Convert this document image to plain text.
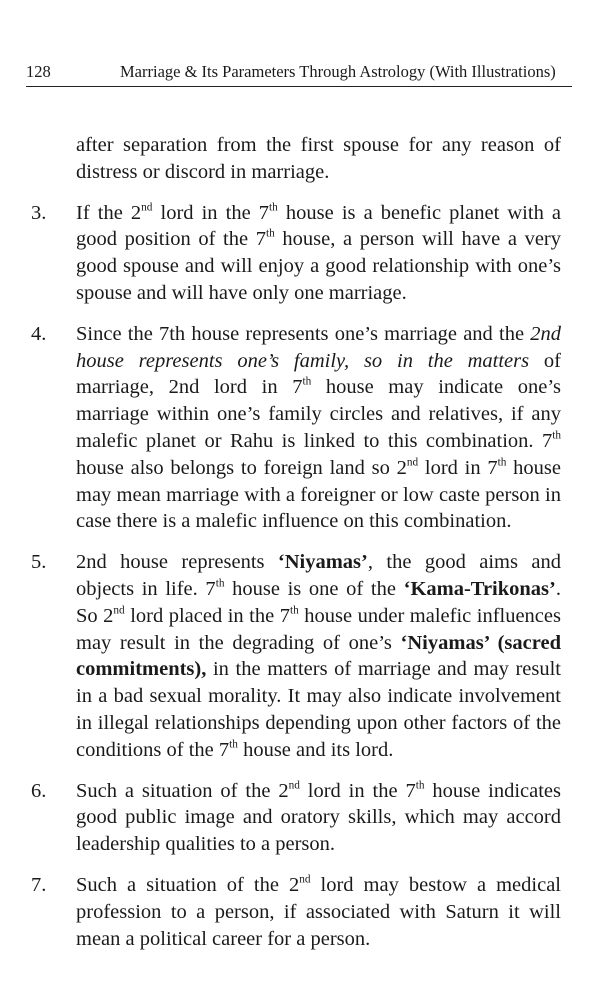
128	Marriage & Its Parameters Through Astrology (With Illustrations)

after separation from the first spouse for any reason of distress or discord in marriage.

3. If the 2nd lord in the 7th house is a benefic planet with a good position of the 7th house, a person will have a very good spouse and will enjoy a good relationship with one’s spouse and will have only one marriage.

4. Since the 7th house represents one’s marriage and the 2nd house represents one’s family, so in the matters of marriage, 2nd lord in 7th house may indicate one’s marriage within one’s family circles and relatives, if any malefic planet or Rahu is linked to this combination. 7th house also belongs to foreign land so 2nd lord in 7th house may mean marriage with a foreigner or low caste person in case there is a malefic influence on this combination.

5. 2nd house represents ‘Niyamas’, the good aims and objects in life. 7th house is one of the ‘Kama-Trikonas’. So 2nd lord placed in the 7th house under malefic influences may result in the degrading of one’s ‘Niyamas’ (sacred commitments), in the matters of marriage and may result in a bad sexual morality. It may also indicate involvement in illegal relationships depending upon other factors of the conditions of the 7th house and its lord.

6. Such a situation of the 2nd lord in the 7th house indicates good public image and oratory skills, which may accord leadership qualities to a person.

7. Such a situation of the 2nd lord may bestow a medical profession to a person, if associated with Saturn it will mean a political career for a person.
